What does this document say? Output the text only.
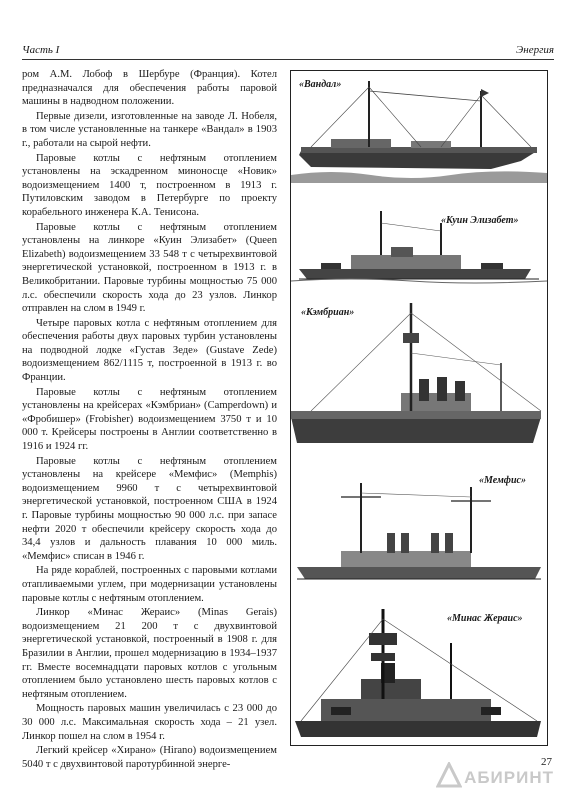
Часть I	Энергия

ром А.М. Лобоф в Шербуре (Франция). Котел предназначался для обеспечения работы паровой машины в надводном положении.

Первые дизели, изготовленные на заводе Л. Нобеля, в том числе установленные на танкере «Вандал» в 1903 г., работали на сырой нефти.

Паровые котлы с нефтяным отоплением установлены на эскадренном миноносце «Новик» водоизмещением 1400 т, построенном в 1913 г. Путиловским заводом в Петербурге по проекту корабельного инженера К.А. Тенисона.

Паровые котлы с нефтяным отоплением установлены на линкоре «Куин Элизабет» (Queen Elizabeth) водоизмещением 33 548 т с четырехвинтовой энергетической установкой, построенном в 1913 г. в Великобритании. Паровые турбины мощностью 75 000 л.с. обеспечили скорость хода до 23 узлов. Линкор отправлен на слом в 1949 г.

Четыре паровых котла с нефтяным отоплением для обеспечения работы двух паровых турбин установлены на подводной лодке «Густав Зеде» (Gustave Zede) водоизмещением 862/1115 т, построенной в 1913 г. во Франции.

Паровые котлы с нефтяным отоплением установлены на крейсерах «Кэмбриан» (Camperdown) и «Фробишер» (Frobisher) водоизмещением 3750 т и 10 000 т. Крейсеры построены в Англии соответственно в 1916 и 1924 гг.

Паровые котлы с нефтяным отоплением установлены на крейсере «Мемфис» (Memphis) водоизмещением 9960 т с четырехвинтовой энергетической установкой, построенном США в 1924 г. Паровые турбины мощностью 90 000 л.с. при запасе нефти 2020 т обеспечили крейсеру скорость хода до 34,4 узлов и дальность плавания 10 000 миль. «Мемфис» списан в 1946 г.

На ряде кораблей, построенных с паровыми котлами отапливаемыми углем, при модернизации установлены паровые котлы с нефтяным отоплением.

Линкор «Минас Жераис» (Minas Gerais) водоизмещением 21 200 т с двухвинтовой энергетической установкой, построенный в 1908 г. для Бразилии в Англии, прошел модернизацию в 1934–1937 гг. Вместе восемнадцати паровых котлов с угольным отоплением было установлено шесть паровых котлов с нефтяным отоплением.

Мощность паровых машин увеличилась с 23 000 до 30 000 л.с. Максимальная скорость хода – 21 узел. Линкор пошел на слом в 1954 г.

Легкий крейсер «Хирано» (Hirano) водоизмещением 5040 т с двухвинтовой паротурбинной энерге-

«Вандал»
«Куин Элизабет»
«Кэмбриан»
«Мемфис»
«Минас Жераис»
27
АБИРИНТ
